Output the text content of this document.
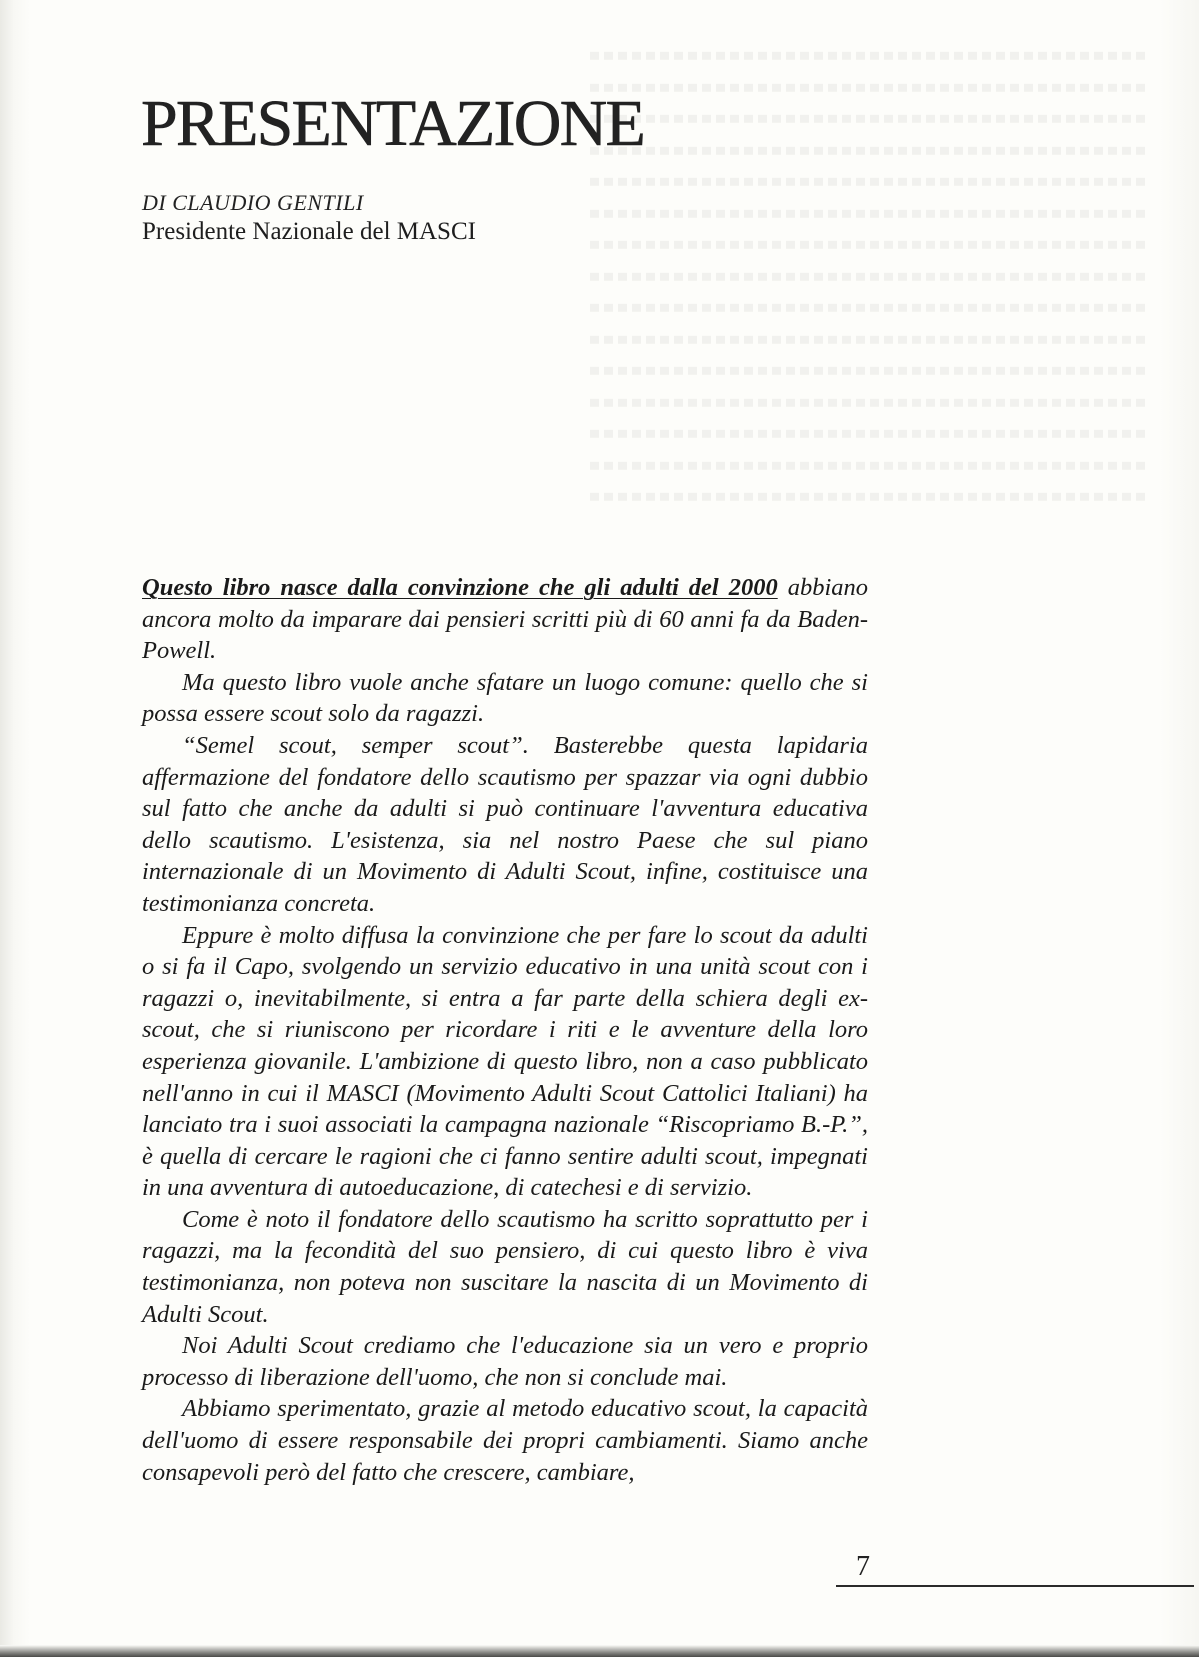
PRESENTAZIONE
DI CLAUDIO GENTILI
Presidente Nazionale del MASCI

Questo libro nasce dalla convinzione che gli adulti del 2000 abbiano ancora molto da imparare dai pensieri scritti più di 60 anni fa da Baden-Powell.

Ma questo libro vuole anche sfatare un luogo comune: quello che si possa essere scout solo da ragazzi.

“Semel scout, semper scout”. Basterebbe questa lapidaria affermazione del fondatore dello scautismo per spazzar via ogni dubbio sul fatto che anche da adulti si può continuare l'avventura educativa dello scautismo. L'esistenza, sia nel nostro Paese che sul piano internazionale di un Movimento di Adulti Scout, infine, costituisce una testimonianza concreta.

Eppure è molto diffusa la convinzione che per fare lo scout da adulti o si fa il Capo, svolgendo un servizio educativo in una unità scout con i ragazzi o, inevitabilmente, si entra a far parte della schiera degli ex-scout, che si riuniscono per ricordare i riti e le avventure della loro esperienza giovanile. L'ambizione di questo libro, non a caso pubblicato nell'anno in cui il MASCI (Movimento Adulti Scout Cattolici Italiani) ha lanciato tra i suoi associati la campagna nazionale “Riscopriamo B.-P.”, è quella di cercare le ragioni che ci fanno sentire adulti scout, impegnati in una avventura di autoeducazione, di catechesi e di servizio.

Come è noto il fondatore dello scautismo ha scritto soprattutto per i ragazzi, ma la fecondità del suo pensiero, di cui questo libro è viva testimonianza, non poteva non suscitare la nascita di un Movimento di Adulti Scout.

Noi Adulti Scout crediamo che l'educazione sia un vero e proprio processo di liberazione dell'uomo, che non si conclude mai.

Abbiamo sperimentato, grazie al metodo educativo scout, la capacità dell'uomo di essere responsabile dei propri cambiamenti. Siamo anche consapevoli però del fatto che crescere, cambiare,

7
